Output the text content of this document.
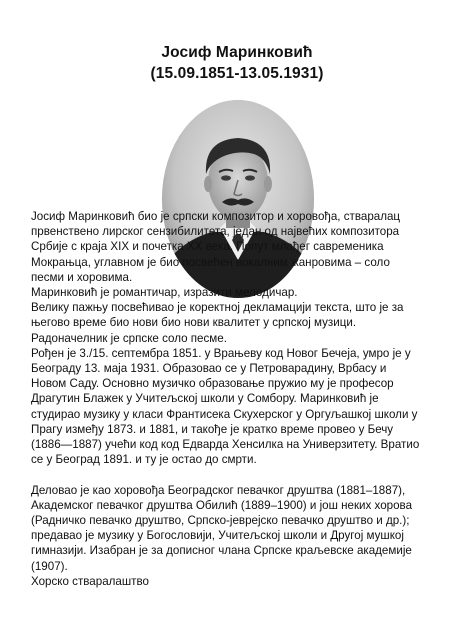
Јосиф Маринковић
(15.09.1851-13.05.1931)

Јосиф Маринковић био је српски композитор и хоровођа, стваралац
првенствено лирског сензибилитета, један од највећих композитора
Србије с краја XIX и почетка XX века. Попут млађег савременика
Мокрањца, углавном је био посвећен вокалним жанровима – соло
песми и хоровима.

Маринковић је романтичар, изразити мелодичар.

Велику пажњу посвећивао је коректној декламацији текста, што је за
његово време био нови био нови квалитет у српској музици.

Радоначелник је српске соло песме.

Рођен је 3./15. септембра 1851. у Врањеву код Новог Бечеја, умро је у
Београду 13. маја 1931. Образовао се у Петроварадину, Врбасу и
Новом Саду. Основно музичко образовање пружио му је професор
Драгутин Блажек у Учитељској школи у Сомбору. Маринковић је
студирао музику у класи Франтисека Скухерског у Оргуљашкој школи у
Прагу између 1873. и 1881, и такође је кратко време провео у Бечу
(1886—1887) учећи код код Едварда Хенсилка на Универзитету. Вратио
се у Београд 1891. и ту је остао до смрти.

Деловао је као хоровођа Београдског певачког друштва (1881–1887),
Академског певачког друштва Обилић (1889–1900) и још неких хорова
(Радничко певачко друштво, Српско-јеврејско певачко друштво и др.);
предавао је музику у Богословији, Учитељској школи и Другој мушкој
гимназији. Изабран је за дописног члана Српске краљевске академије
(1907).

Хорско стваралаштво
